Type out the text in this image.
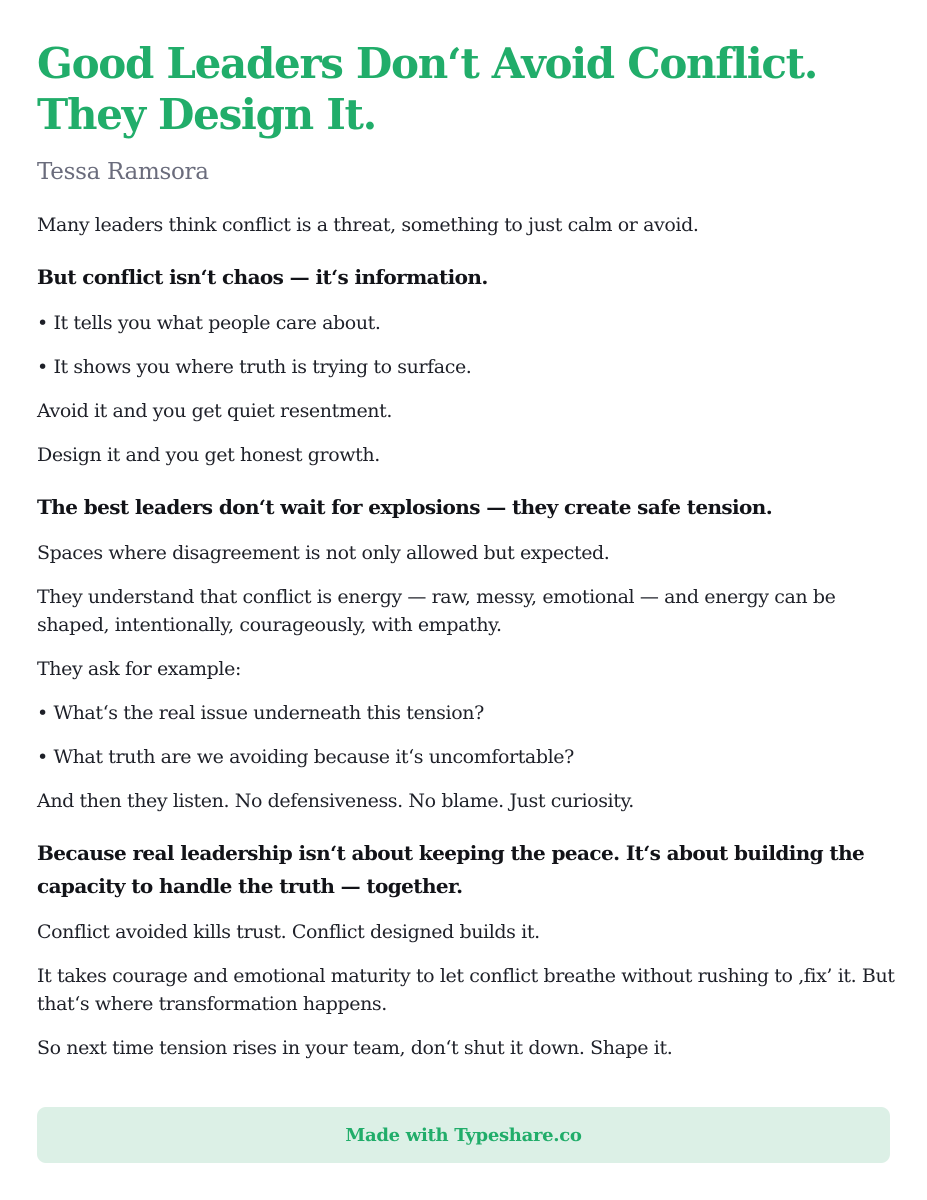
Good Leaders Don‘t Avoid Conflict. They Design It.
Tessa Ramsora
Many leaders think conflict is a threat, something to just calm or avoid.
But conflict isn‘t chaos — it‘s information.
• It tells you what people care about.
• It shows you where truth is trying to surface.
Avoid it and you get quiet resentment.
Design it and you get honest growth.
The best leaders don‘t wait for explosions — they create safe tension.
Spaces where disagreement is not only allowed but expected.
They understand that conflict is energy — raw, messy, emotional — and energy can be shaped, intentionally, courageously, with empathy.
They ask for example:
• What‘s the real issue underneath this tension?
• What truth are we avoiding because it‘s uncomfortable?
And then they listen. No defensiveness. No blame. Just curiosity.
Because real leadership isn‘t about keeping the peace. It‘s about building the capacity to handle the truth — together.
Conflict avoided kills trust. Conflict designed builds it.
It takes courage and emotional maturity to let conflict breathe without rushing to ‚fix’ it. But that‘s where transformation happens.
So next time tension rises in your team, don‘t shut it down. Shape it.
Made with Typeshare.co
